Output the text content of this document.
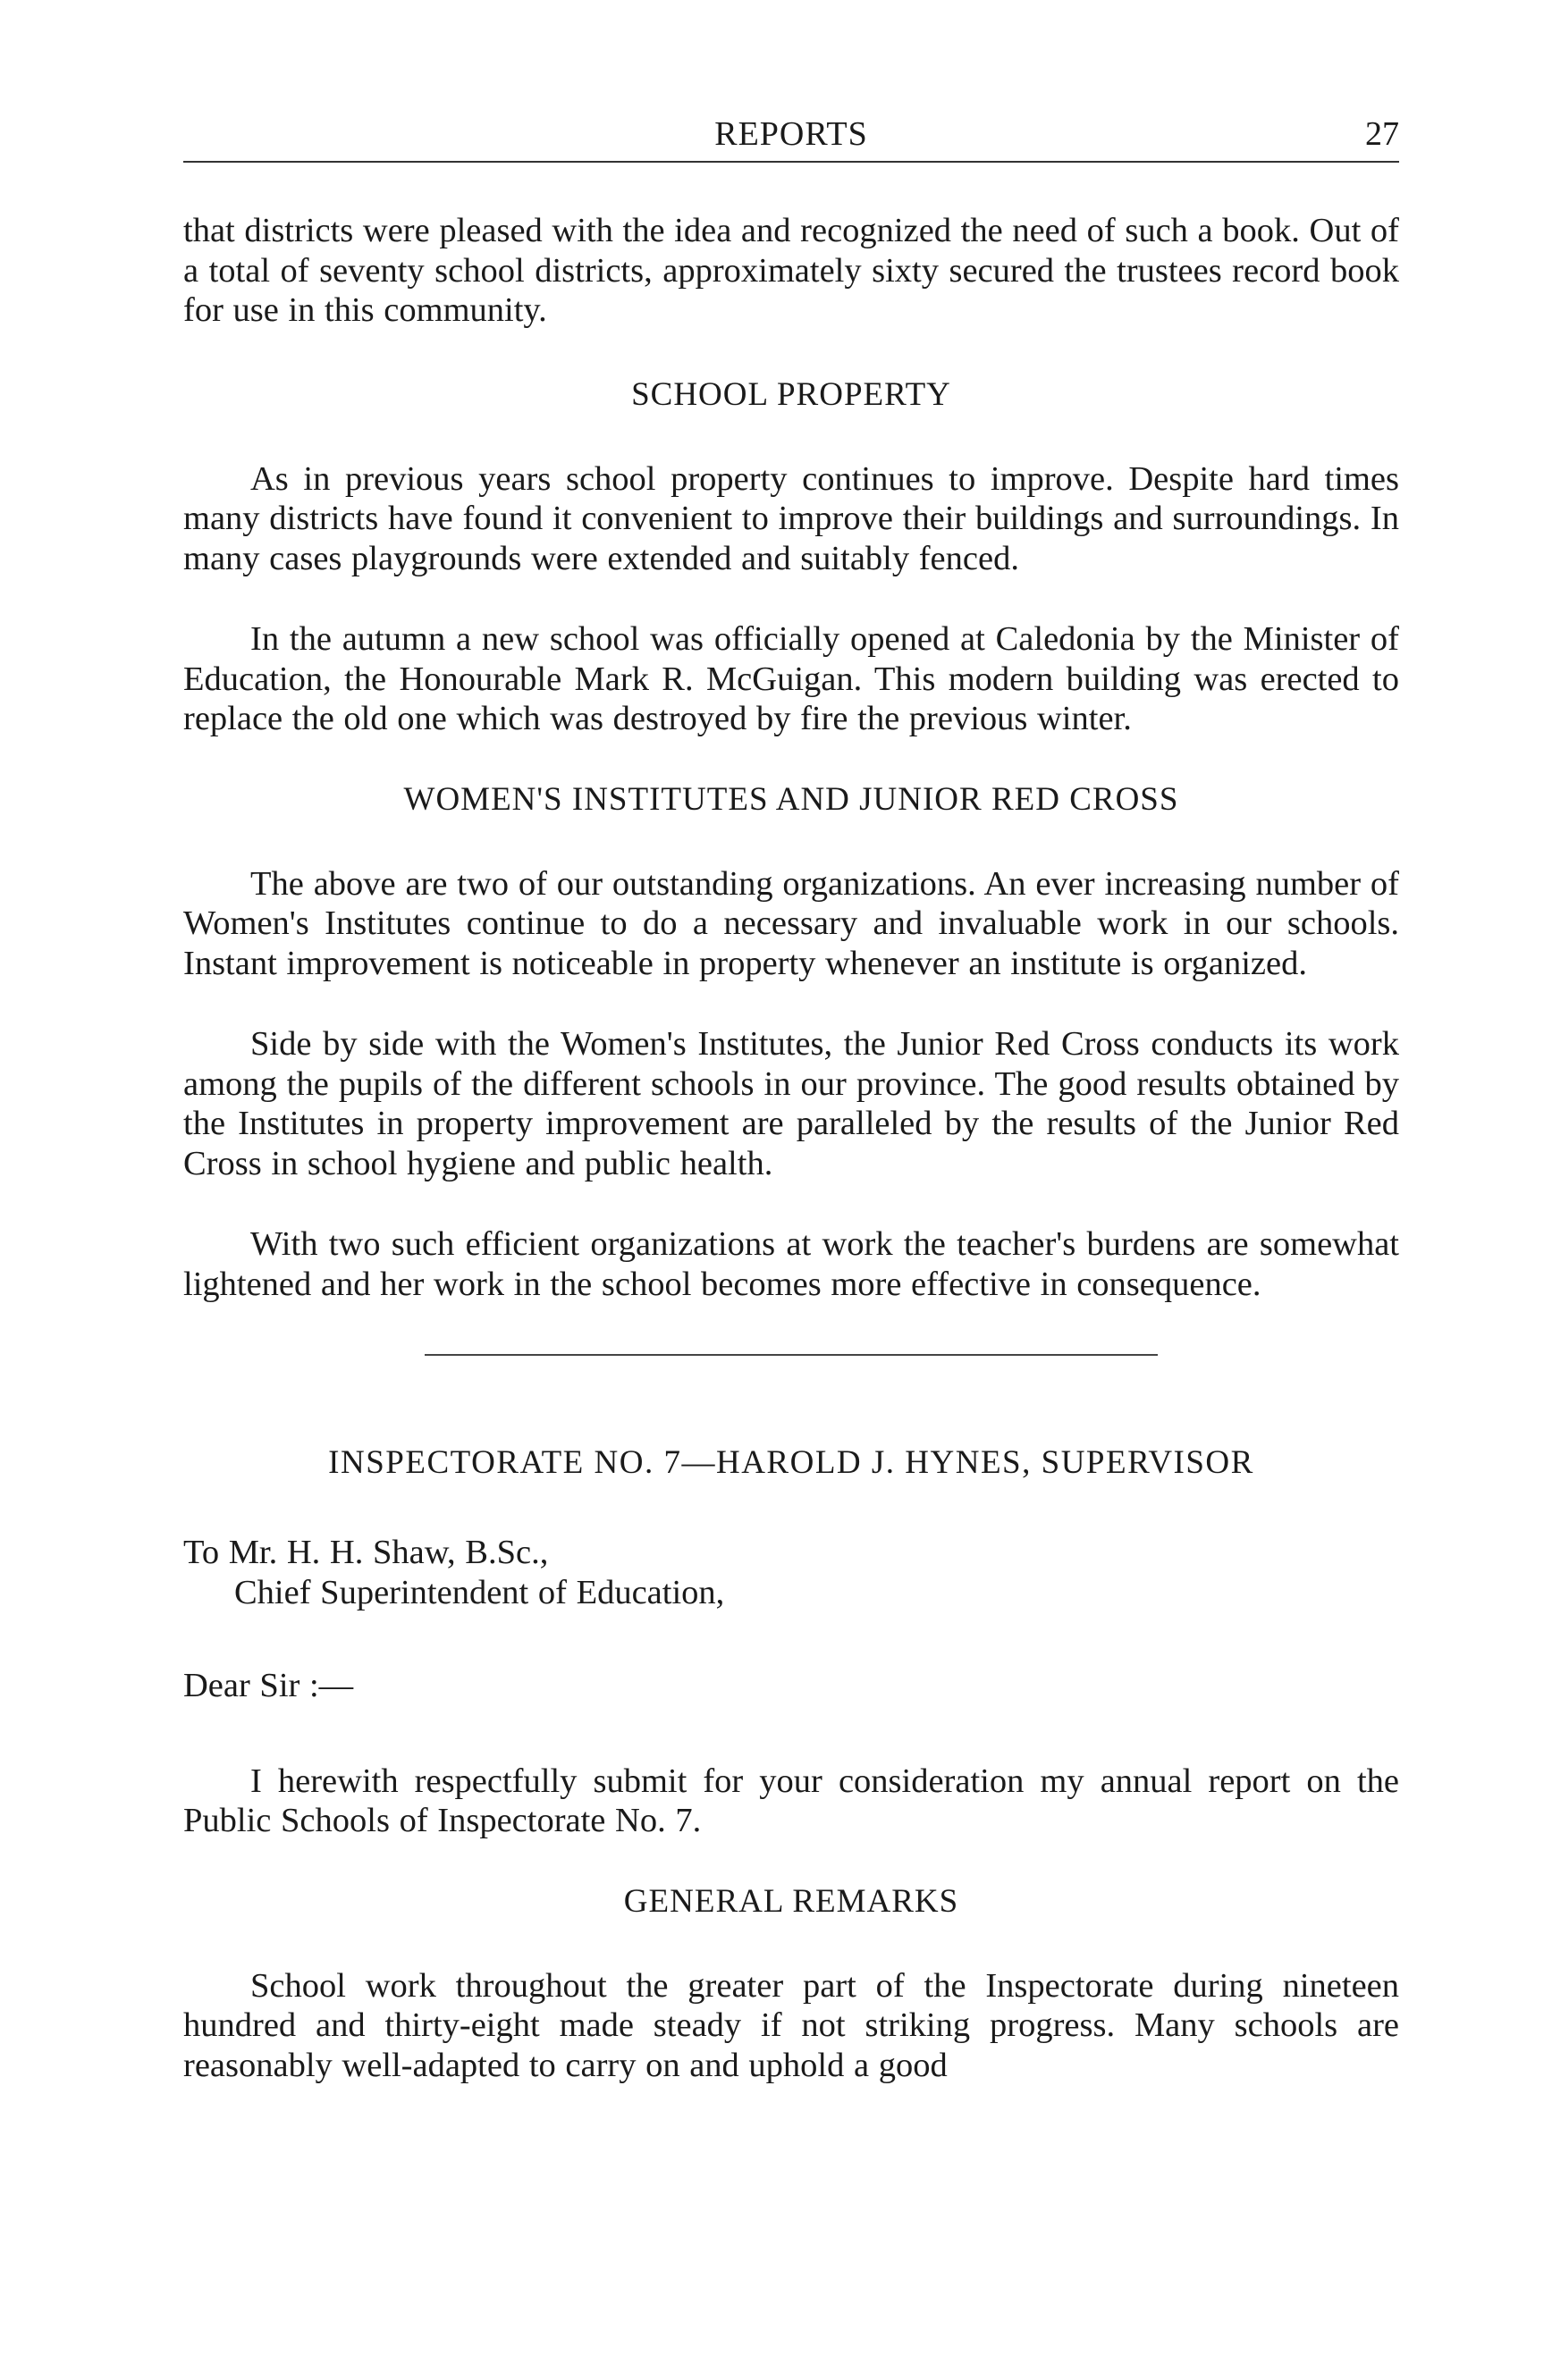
REPORTS	27

that districts were pleased with the idea and recognized the need of such a book. Out of a total of seventy school districts, approximately sixty secured the trustees record book for use in this community.

SCHOOL PROPERTY

As in previous years school property continues to improve. Despite hard times many districts have found it convenient to improve their buildings and surroundings. In many cases playgrounds were extended and suitably fenced.

In the autumn a new school was officially opened at Caledonia by the Minister of Education, the Honourable Mark R. McGuigan. This modern building was erected to replace the old one which was destroyed by fire the previous winter.

WOMEN'S INSTITUTES AND JUNIOR RED CROSS

The above are two of our outstanding organizations. An ever increasing number of Women's Institutes continue to do a necessary and invaluable work in our schools. Instant improvement is noticeable in property whenever an institute is organized.

Side by side with the Women's Institutes, the Junior Red Cross conducts its work among the pupils of the different schools in our province. The good results obtained by the Institutes in property improvement are paralleled by the results of the Junior Red Cross in school hygiene and public health.

With two such efficient organizations at work the teacher's burdens are somewhat lightened and her work in the school becomes more effective in consequence.

INSPECTORATE NO. 7—HAROLD J. HYNES, SUPERVISOR

To Mr. H. H. Shaw, B.Sc.,

Chief Superintendent of Education,

Dear Sir :—

I herewith respectfully submit for your consideration my annual report on the Public Schools of Inspectorate No. 7.

GENERAL REMARKS

School work throughout the greater part of the Inspectorate during nineteen hundred and thirty-eight made steady if not striking progress. Many schools are reasonably well-adapted to carry on and uphold a good
